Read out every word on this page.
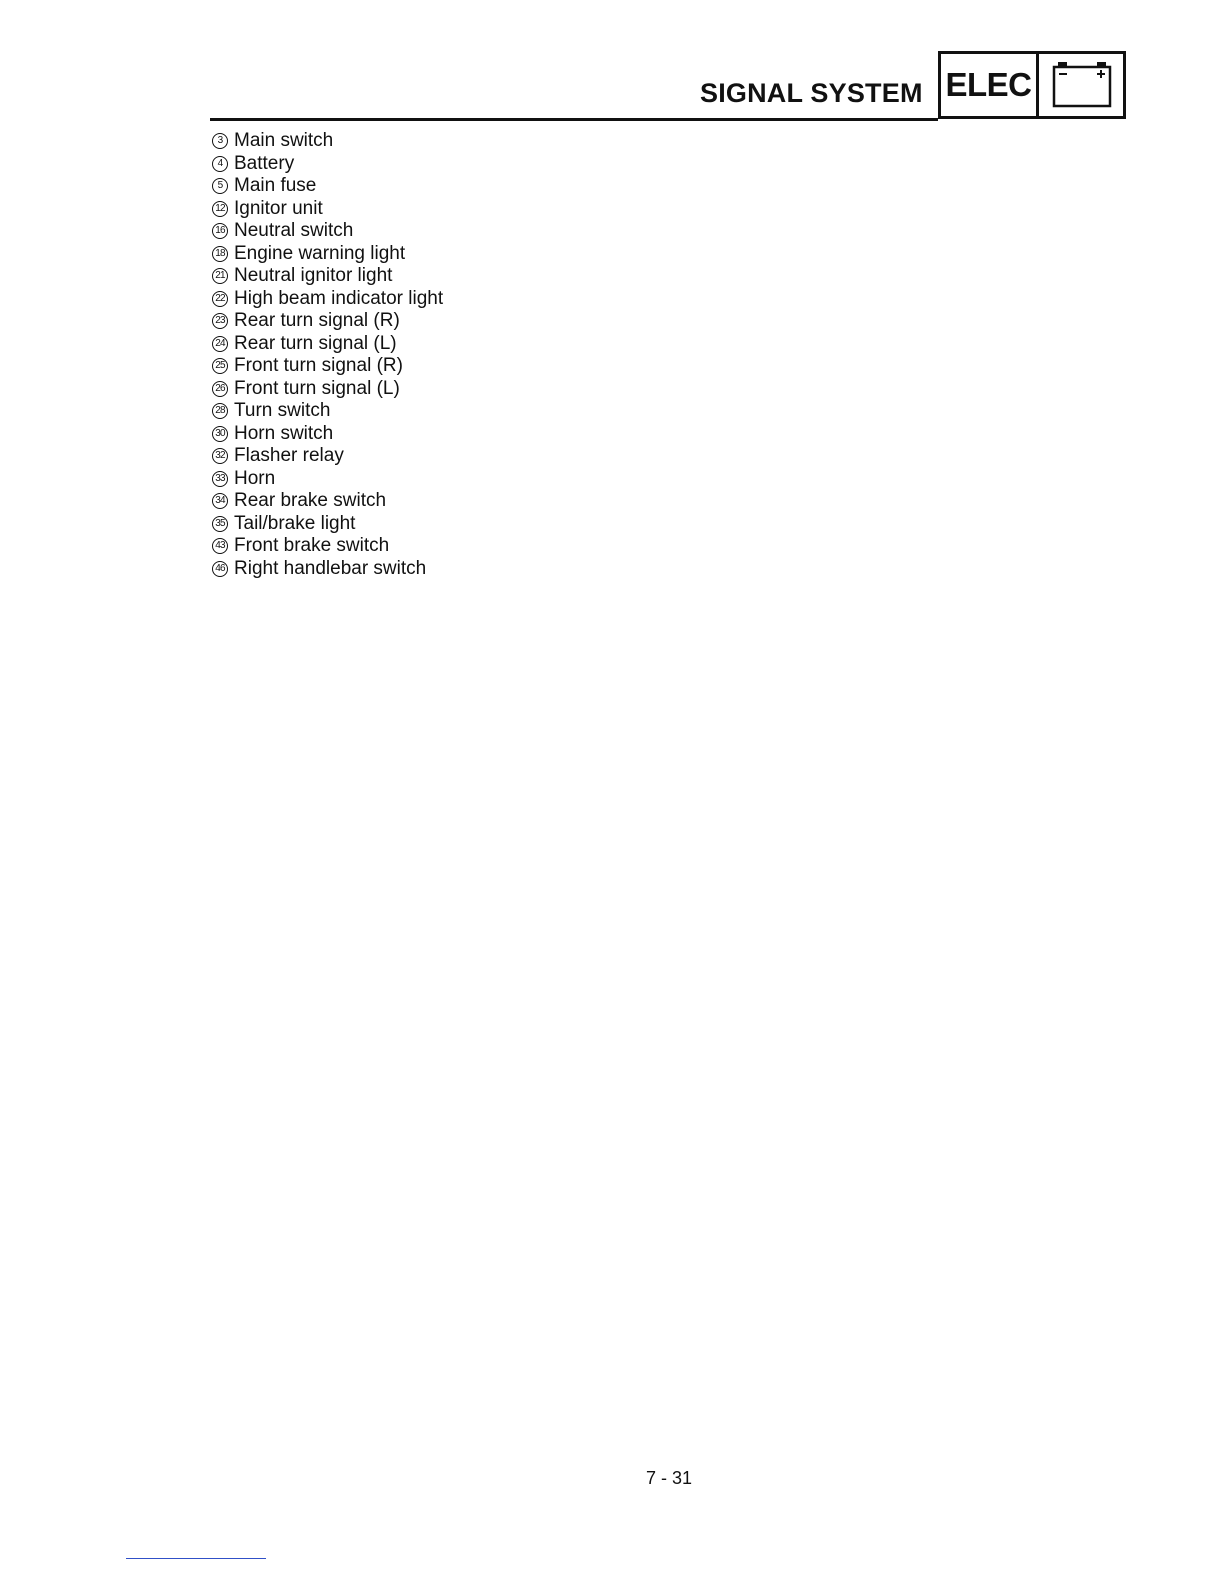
SIGNAL SYSTEM ELEC
3 Main switch
4 Battery
5 Main fuse
12 Ignitor unit
16 Neutral switch
18 Engine warning light
21 Neutral ignitor light
22 High beam indicator light
23 Rear turn signal (R)
24 Rear turn signal (L)
25 Front turn signal (R)
26 Front turn signal (L)
28 Turn switch
30 Horn switch
32 Flasher relay
33 Horn
34 Rear brake switch
35 Tail/brake light
43 Front brake switch
46 Right handlebar switch
7 - 31
